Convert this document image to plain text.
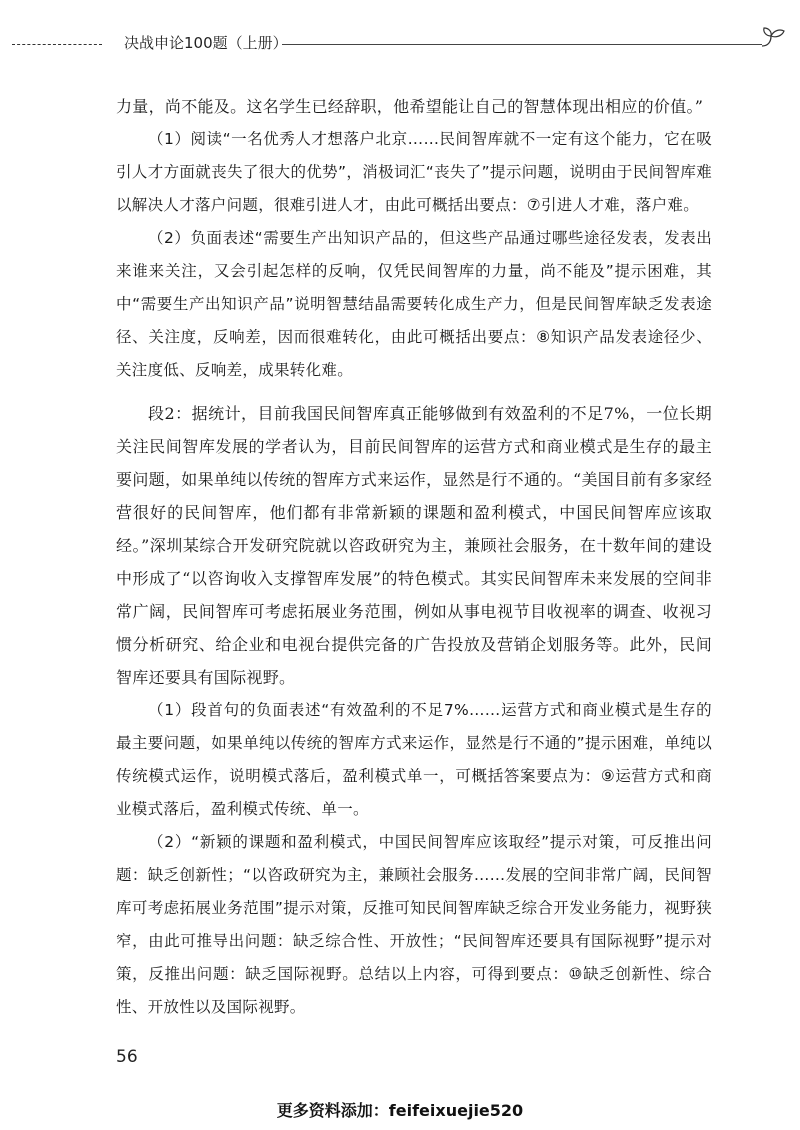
决战申论100题（上册）

力量，尚不能及。这名学生已经辞职，他希望能让自己的智慧体现出相应的价值。”

（1）阅读“一名优秀人才想落户北京……民间智库就不一定有这个能力，它在吸引人才方面就丧失了很大的优势”，消极词汇“丧失了”提示问题，说明由于民间智库难以解决人才落户问题，很难引进人才，由此可概括出要点：⑦引进人才难，落户难。

（2）负面表述“需要生产出知识产品的，但这些产品通过哪些途径发表，发表出来谁来关注，又会引起怎样的反响，仅凭民间智库的力量，尚不能及”提示困难，其中“需要生产出知识产品”说明智慧结晶需要转化成生产力，但是民间智库缺乏发表途径、关注度，反响差，因而很难转化，由此可概括出要点：⑧知识产品发表途径少、关注度低、反响差，成果转化难。

段2：据统计，目前我国民间智库真正能够做到有效盈利的不足7%，一位长期关注民间智库发展的学者认为，目前民间智库的运营方式和商业模式是生存的最主要问题，如果单纯以传统的智库方式来运作，显然是行不通的。“美国目前有多家经营很好的民间智库，他们都有非常新颖的课题和盈利模式，中国民间智库应该取经。”深圳某综合开发研究院就以咨政研究为主，兼顾社会服务，在十数年间的建设中形成了“以咨询收入支撑智库发展”的特色模式。其实民间智库未来发展的空间非常广阔，民间智库可考虑拓展业务范围，例如从事电视节目收视率的调查、收视习惯分析研究、给企业和电视台提供完备的广告投放及营销企划服务等。此外，民间智库还要具有国际视野。

（1）段首句的负面表述“有效盈利的不足7%……运营方式和商业模式是生存的最主要问题，如果单纯以传统的智库方式来运作，显然是行不通的”提示困难，单纯以传统模式运作，说明模式落后，盈利模式单一，可概括答案要点为：⑨运营方式和商业模式落后，盈利模式传统、单一。

（2）“新颖的课题和盈利模式，中国民间智库应该取经”提示对策，可反推出问题：缺乏创新性；“以咨政研究为主，兼顾社会服务……发展的空间非常广阔，民间智库可考虑拓展业务范围”提示对策，反推可知民间智库缺乏综合开发业务能力，视野狭窄，由此可推导出问题：缺乏综合性、开放性；“民间智库还要具有国际视野”提示对策，反推出问题：缺乏国际视野。总结以上内容，可得到要点：⑩缺乏创新性、综合性、开放性以及国际视野。

56
更多资料添加：feifeixuejie520
